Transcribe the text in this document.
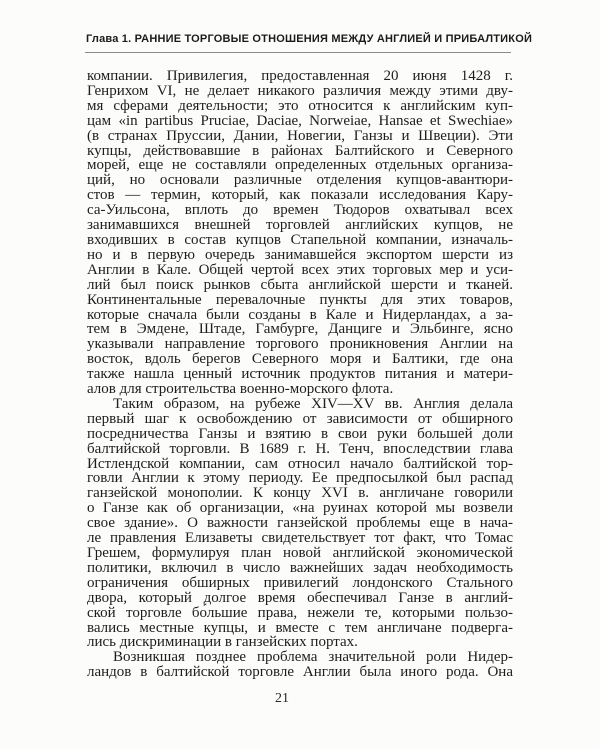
Глава 1. РАННИЕ ТОРГОВЫЕ ОТНОШЕНИЯ МЕЖДУ АНГЛИЕЙ И ПРИБАЛТИКОЙ
компании. Привилегия, предоставленная 20 июня 1428 г.
Генрихом VI, не делает никакого различия между этими дву-
мя сферами деятельности; это относится к английским куп-
цам «in partibus Pruciae, Daciae, Norweiae, Hansae et Swechiae»
(в странах Пруссии, Дании, Новегии, Ганзы и Швеции). Эти
купцы, действовавшие в районах Балтийского и Северного
морей, еще не составляли определенных отдельных организа-
ций, но основали различные отделения купцов-авантюри-
стов — термин, который, как показали исследования Кару-
са-Уильсона, вплоть до времен Тюдоров охватывал всех
занимавшихся внешней торговлей английских купцов, не
входивших в состав купцов Стапельной компании, изначаль-
но и в первую очередь занимавшейся экспортом шерсти из
Англии в Кале. Общей чертой всех этих торговых мер и уси-
лий был поиск рынков сбыта английской шерсти и тканей.
Континентальные перевалочные пункты для этих товаров,
которые сначала были созданы в Кале и Нидерландах, а за-
тем в Эмдене, Штаде, Гамбурге, Данциге и Эльбинге, ясно
указывали направление торгового проникновения Англии на
восток, вдоль берегов Северного моря и Балтики, где она
также нашла ценный источник продуктов питания и матери-
алов для строительства военно-морского флота.
Таким образом, на рубеже XIV—XV вв. Англия делала
первый шаг к освобождению от зависимости от обширного
посредничества Ганзы и взятию в свои руки большей доли
балтийской торговли. В 1689 г. Н. Тенч, впоследствии глава
Истлендской компании, сам относил начало балтийской тор-
говли Англии к этому периоду. Ее предпосылкой был распад
ганзейской монополии. К концу XVI в. англичане говорили
о Ганзе как об организации, «на руинах которой мы возвели
свое здание». О важности ганзейской проблемы еще в нача-
ле правления Елизаветы свидетельствует тот факт, что Томас
Грешем, формулируя план новой английской экономической
политики, включил в число важнейших задач необходимость
ограничения обширных привилегий лондонского Стального
двора, который долгое время обеспечивал Ганзе в англий-
ской торговле бо́льшие права, нежели те, которыми пользо-
вались местные купцы, и вместе с тем англичане подверга-
лись дискриминации в ганзейских портах.
Возникшая позднее проблема значительной роли Нидер-
ландов в балтийской торговле Англии была иного рода. Она
21
